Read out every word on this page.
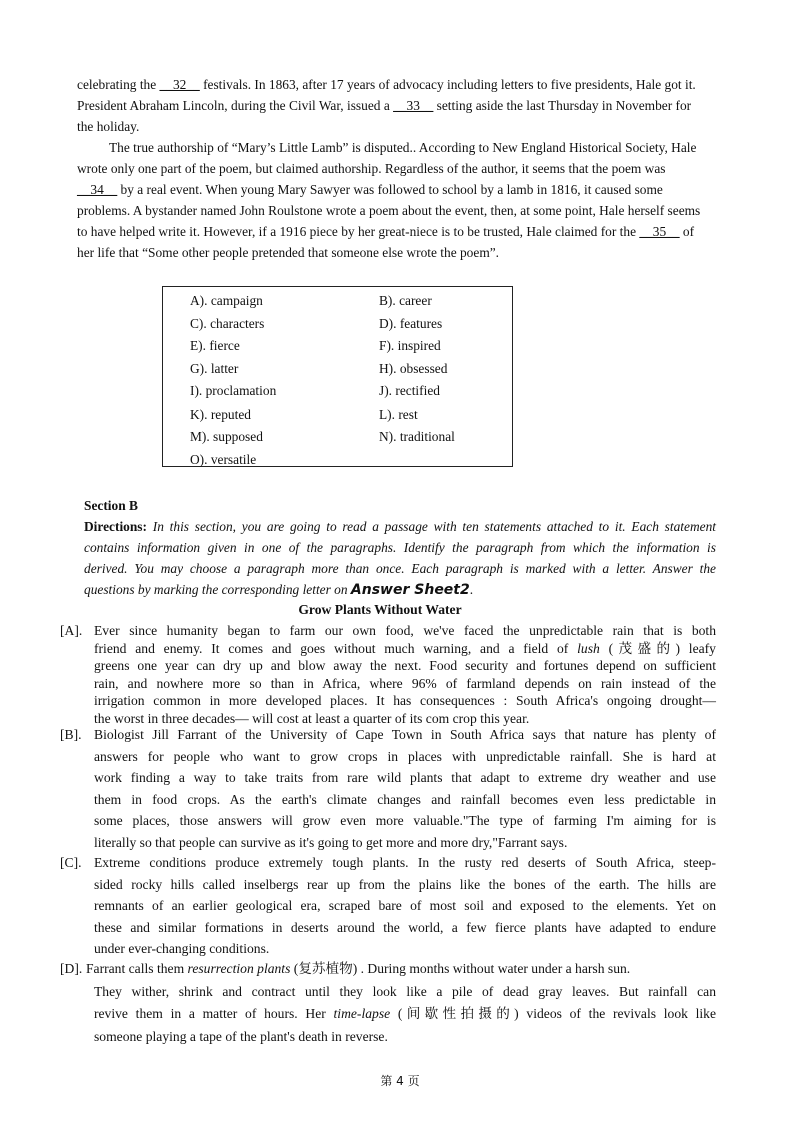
celebrating the __32__ festivals. In 1863, after 17 years of advocacy including letters to five presidents, Hale got it.
President Abraham Lincoln, during the Civil War, issued a __33__ setting aside the last Thursday in November for
the holiday.
The true authorship of “Mary’s Little Lamb” is disputed.. According to New England Historical Society, Hale
wrote only one part of the poem, but claimed authorship. Regardless of the author, it seems that the poem was
__34__ by a real event. When young Mary Sawyer was followed to school by a lamb in 1816, it caused some
problems. A bystander named John Roulstone wrote a poem about the event, then, at some point, Hale herself seems
to have helped write it. However, if a 1916 piece by her great-niece is to be trusted, Hale claimed for the __35__ of
her life that “Some other people pretended that someone else wrote the poem”.
A). campaign
C). characters
E). fierce
G). latter
I). proclamation
K). reputed
M). supposed
O). versatile
B). career
D). features
F). inspired
H). obsessed
J). rectified
L). rest
N). traditional
Section B
Directions: In this section, you are going to read a passage with ten statements attached to it. Each statement
contains information given in one of the paragraphs. Identify the paragraph from which the information is
derived. You may choose a paragraph more than once. Each paragraph is marked with a letter. Answer the
questions by marking the corresponding letter on Answer Sheet2.
Grow Plants Without Water
[A]. Ever since humanity began to farm our own food, we've faced the unpredictable rain that is both
friend and enemy. It comes and goes without much warning, and a field of lush (茂盛的) leafy
greens one year can dry up and blow away the next. Food security and fortunes depend on sufficient
rain, and nowhere more so than in Africa, where 96% of farmland depends on rain instead of the
irrigation common in more developed places. It has consequences : South Africa's ongoing drought—
the worst in three decades— will cost at least a quarter of its com crop this year.
[B]. Biologist Jill Farrant of the University of Cape Town in South Africa says that nature has plenty of
answers for people who want to grow crops in places with unpredictable rainfall. She is hard at
work finding a way to take traits from rare wild plants that adapt to extreme dry weather and use
them in food crops. As the earth's climate changes and rainfall becomes even less predictable in
some places, those answers will grow even more valuable."The type of farming I'm aiming for is
literally so that people can survive as it's going to get more and more dry,"Farrant says.
[C]. Extreme conditions produce extremely tough plants. In the rusty red deserts of South Africa, steep-
sided rocky hills called inselbergs rear up from the plains like the bones of the earth. The hills are
remnants of an earlier geological era, scraped bare of most soil and exposed to the elements. Yet on
these and similar formations in deserts around the world, a few fierce plants have adapted to endure
under ever-changing conditions.
[D]. Farrant calls them resurrection plants (复苏植物) . During months without water under a harsh sun.
They wither, shrink and contract until they look like a pile of dead gray leaves. But rainfall can
revive them in a matter of hours. Her time-lapse (间歇性拍摄的) videos of the revivals look like
someone playing a tape of the plant's death in reverse.
第 4 页
